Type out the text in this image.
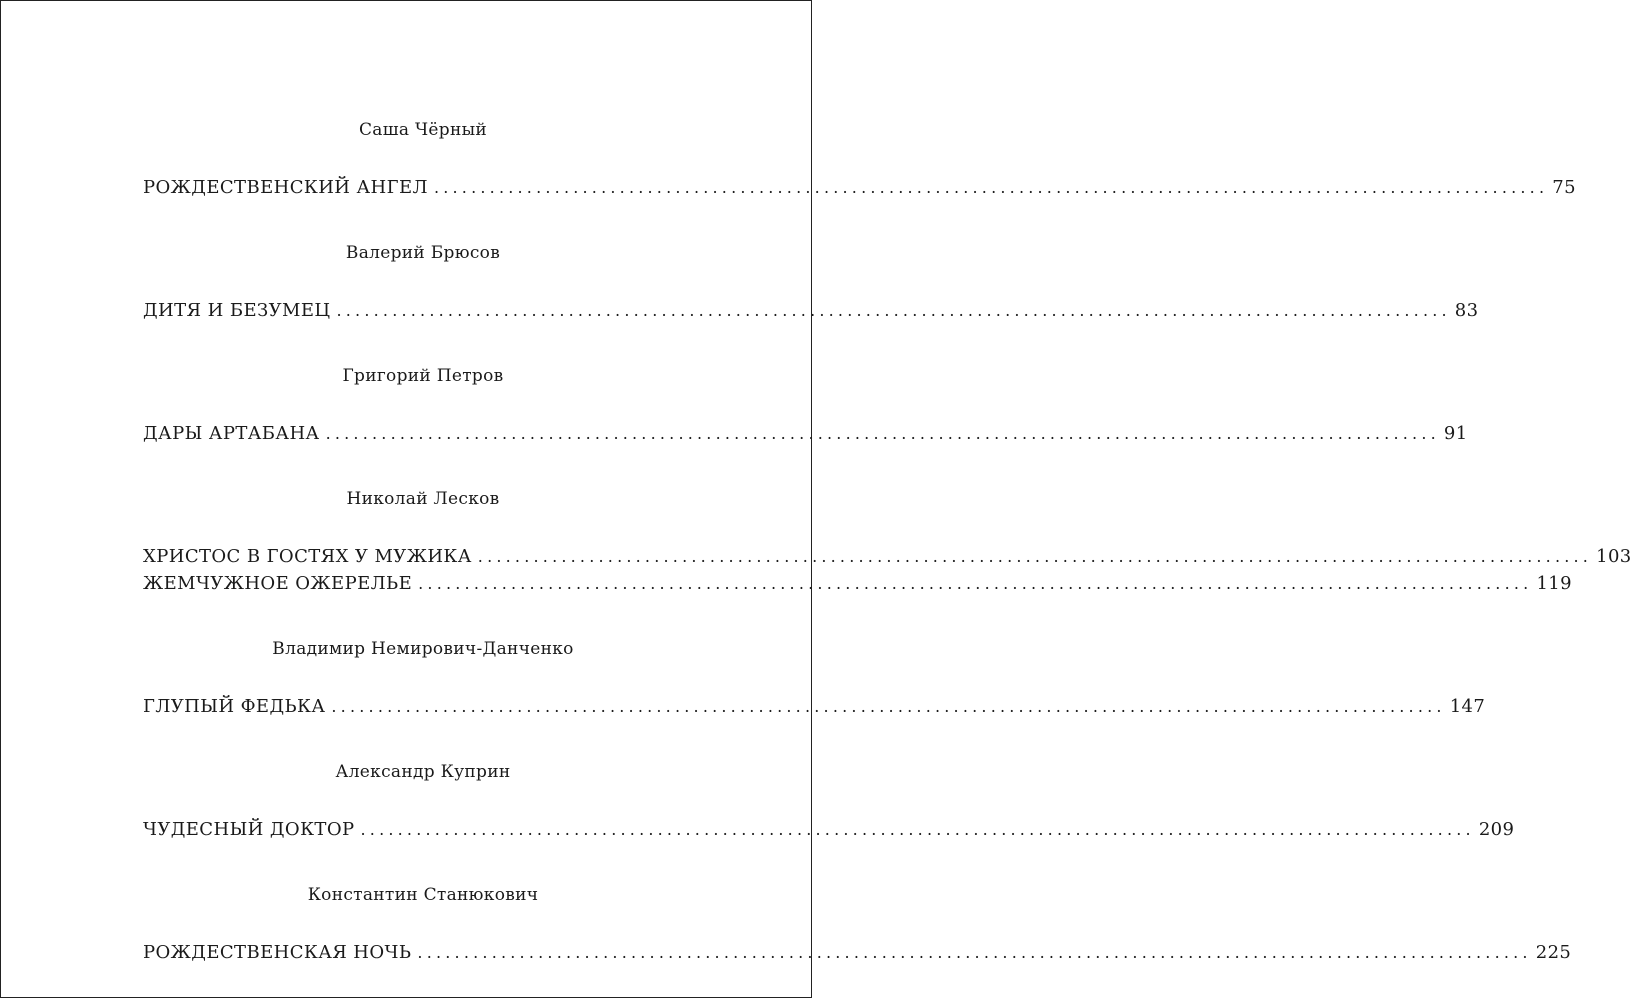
Саша Чёрный
РОЖДЕСТВЕНСКИЙ АНГЕЛ ........................................................................................................................ 75
Валерий Брюсов
ДИТЯ И БЕЗУМЕЦ ........................................................................................................................ 83
Григорий Петров
ДАРЫ АРТАБАНА ........................................................................................................................ 91
Николай Лесков
ХРИСТОС В ГОСТЯХ У МУЖИКА ........................................................................................................................ 103
ЖЕМЧУЖНОЕ ОЖЕРЕЛЬЕ ........................................................................................................................ 119
Владимир Немирович-Данченко
ГЛУПЫЙ ФЕДЬКА ........................................................................................................................ 147
Александр Куприн
ЧУДЕСНЫЙ ДОКТОР ........................................................................................................................ 209
Константин Станюкович
РОЖДЕСТВЕНСКАЯ НОЧЬ ........................................................................................................................ 225
